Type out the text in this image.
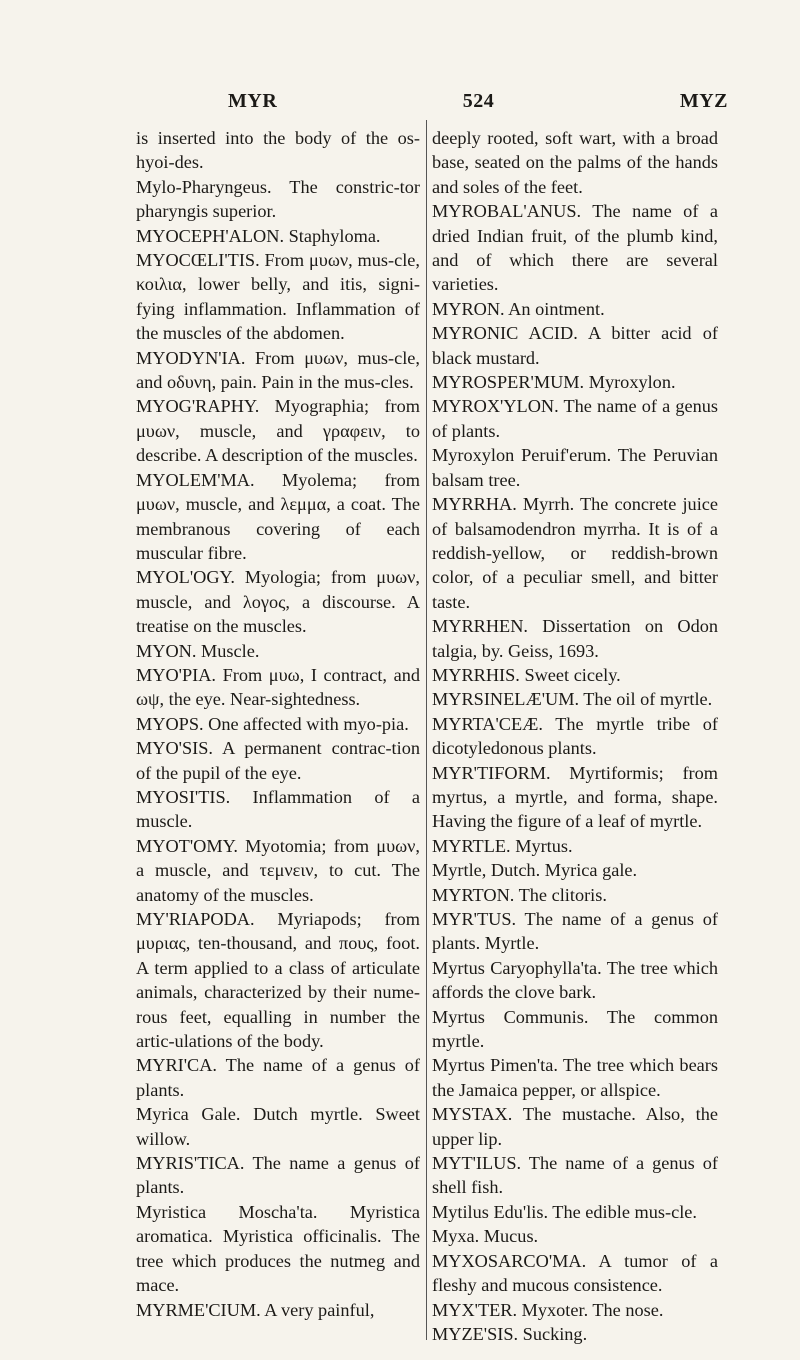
MYR	524	MYZ

is inserted into the body of the os-hyoi-des.

Mylo-Pharyngeus. The constric-tor pharyngis superior.

MYOCEPH'ALON. Staphyloma.

MYOCŒLI'TIS. From μυων, mus-cle, κοιλια, lower belly, and itis, signi-fying inflammation. Inflammation of the muscles of the abdomen.

MYODYN'IA. From μυων, mus-cle, and οδυνη, pain. Pain in the mus-cles.

MYOG'RAPHY. Myographia; from μυων, muscle, and γραφειν, to describe. A description of the muscles.

MYOLEM'MA. Myolema; from μυων, muscle, and λεμμα, a coat. The membranous covering of each muscular fibre.

MYOL'OGY. Myologia; from μυων, muscle, and λογος, a discourse. A treatise on the muscles.

MYON. Muscle.

MYO'PIA. From μυω, I contract, and ωψ, the eye. Near-sightedness.

MYOPS. One affected with myo-pia.

MYO'SIS. A permanent contrac-tion of the pupil of the eye.

MYOSI'TIS. Inflammation of a muscle.

MYOT'OMY. Myotomia; from μυων, a muscle, and τεμνειν, to cut. The anatomy of the muscles.

MY'RIAPODA. Myriapods; from μυριας, ten-thousand, and πους, foot. A term applied to a class of articulate animals, characterized by their nume-rous feet, equalling in number the artic-ulations of the body.

MYRI'CA. The name of a genus of plants.

Myrica Gale. Dutch myrtle. Sweet willow.

MYRIS'TICA. The name a genus of plants.

Myristica Moscha'ta. Myristica aromatica. Myristica officinalis. The tree which produces the nutmeg and mace.

MYRME'CIUM. A very painful,

deeply rooted, soft wart, with a broad base, seated on the palms of the hands and soles of the feet.

MYROBAL'ANUS. The name of a dried Indian fruit, of the plumb kind, and of which there are several varieties.

MYRON. An ointment.

MYRONIC ACID. A bitter acid of black mustard.

MYROSPER'MUM. Myroxylon.

MYROX'YLON. The name of a genus of plants.

Myroxylon Peruif'erum. The Peruvian balsam tree.

MYRRHA. Myrrh. The concrete juice of balsamodendron myrrha. It is of a reddish-yellow, or reddish-brown color, of a peculiar smell, and bitter taste.

MYRRHEN. Dissertation on Odon talgia, by. Geiss, 1693.

MYRRHIS. Sweet cicely.

MYRSINELÆ'UM. The oil of myrtle.

MYRTA'CEÆ. The myrtle tribe of dicotyledonous plants.

MYR'TIFORM. Myrtiformis; from myrtus, a myrtle, and forma, shape. Having the figure of a leaf of myrtle.

MYRTLE. Myrtus.

Myrtle, Dutch. Myrica gale.

MYRTON. The clitoris.

MYR'TUS. The name of a genus of plants. Myrtle.

Myrtus Caryophylla'ta. The tree which affords the clove bark.

Myrtus Communis. The common myrtle.

Myrtus Pimen'ta. The tree which bears the Jamaica pepper, or allspice.

MYSTAX. The mustache. Also, the upper lip.

MYT'ILUS. The name of a genus of shell fish.

Mytilus Edu'lis. The edible mus-cle.

Myxa. Mucus.

MYXOSARCO'MA. A tumor of a fleshy and mucous consistence.

MYX'TER. Myxoter. The nose.

MYZE'SIS. Sucking.
